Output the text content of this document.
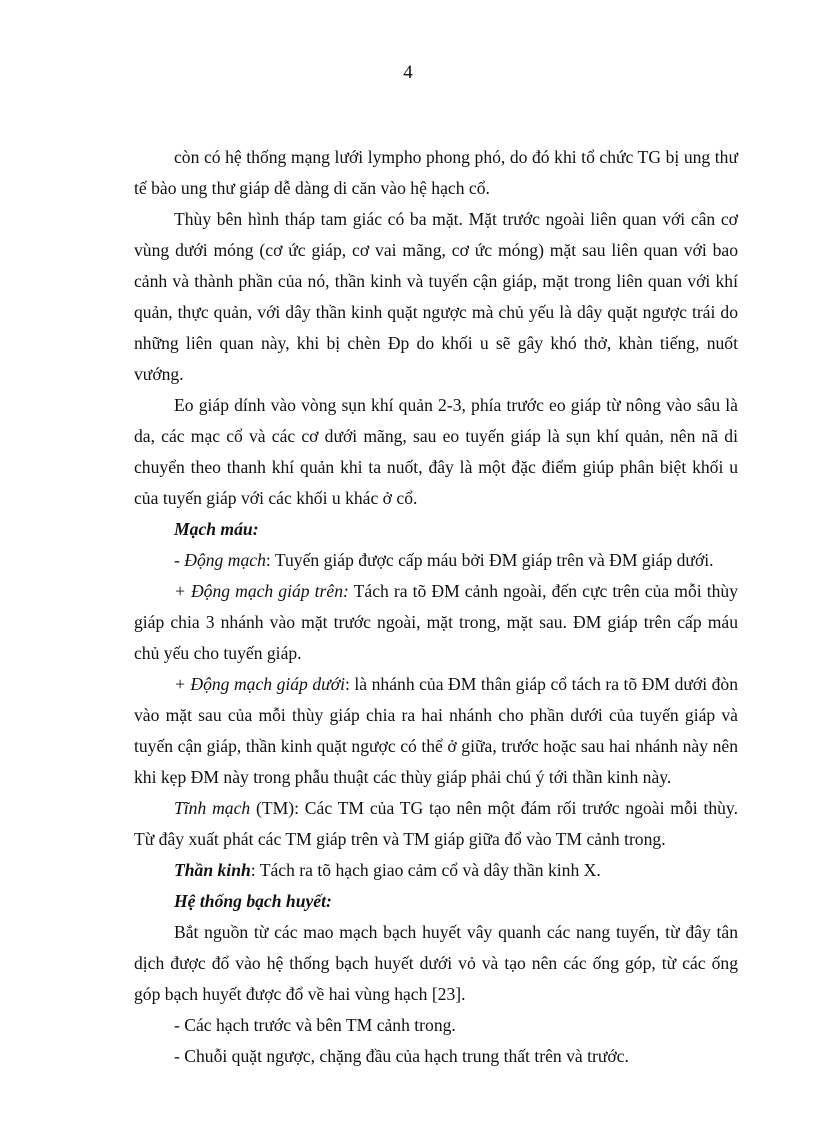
4

còn có hệ thống mạng lưới lympho phong phó, do đó khi tổ chức TG bị ung thư tế bào ung thư giáp dễ dàng di căn vào hệ hạch cổ.

Thùy bên hình tháp tam giác có ba mặt. Mặt trước ngoài liên quan với cân cơ vùng dưới móng (cơ ức giáp, cơ vai mãng, cơ ức móng) mặt sau liên quan với bao cảnh và thành phần của nó, thần kinh và tuyến cận giáp, mặt trong liên quan với khí quản, thực quản, với dây thần kinh quặt ngược mà chủ yếu là dây quặt ngược trái do những liên quan này, khi bị chèn Ðp do khối u sẽ gây khó thở, khàn tiếng, nuốt vướng.

Eo giáp dính vào vòng sụn khí quản 2-3, phía trước eo giáp từ nông vào sâu là da, các mạc cổ và các cơ dưới mãng, sau eo tuyến giáp là sụn khí quản, nên nã di chuyển theo thanh khí quản khi ta nuốt, đây là một đặc điểm giúp phân biệt khối u của tuyến giáp với các khối u khác ở cổ.

Mạch máu:

- Động mạch: Tuyến giáp được cấp máu bởi ĐM giáp trên và ĐM giáp dưới.

+ Động mạch giáp trên: Tách ra tõ ĐM cảnh ngoài, đến cực trên của mỗi thùy giáp chia 3 nhánh vào mặt trước ngoài, mặt trong, mặt sau. ĐM giáp trên cấp máu chủ yếu cho tuyến giáp.

+ Động mạch giáp dưới: là nhánh của ĐM thân giáp cổ tách ra tõ ĐM dưới đòn vào mặt sau của mỗi thùy giáp chia ra hai nhánh cho phần dưới của tuyến giáp và tuyến cận giáp, thần kinh quặt ngược có thể ở giữa, trước hoặc sau hai nhánh này nên khi kẹp ĐM này trong phẫu thuật các thùy giáp phải chú ý tới thần kinh này.

Tĩnh mạch (TM): Các TM của TG tạo nên một đám rối trước ngoài mỗi thùy. Từ đây xuất phát các TM giáp trên và TM giáp giữa đổ vào TM cảnh trong.

Thần kinh: Tách ra tõ hạch giao cảm cổ và dây thần kinh X.

Hệ thống bạch huyết:

Bắt nguồn từ các mao mạch bạch huyết vây quanh các nang tuyến, từ đây tân dịch được đổ vào hệ thống bạch huyết dưới vỏ và tạo nên các ống góp, từ các ống góp bạch huyết được đổ về hai vùng hạch [23].

- Các hạch trước và bên TM cảnh trong.

- Chuỗi quặt ngược, chặng đầu của hạch trung thất trên và trước.
